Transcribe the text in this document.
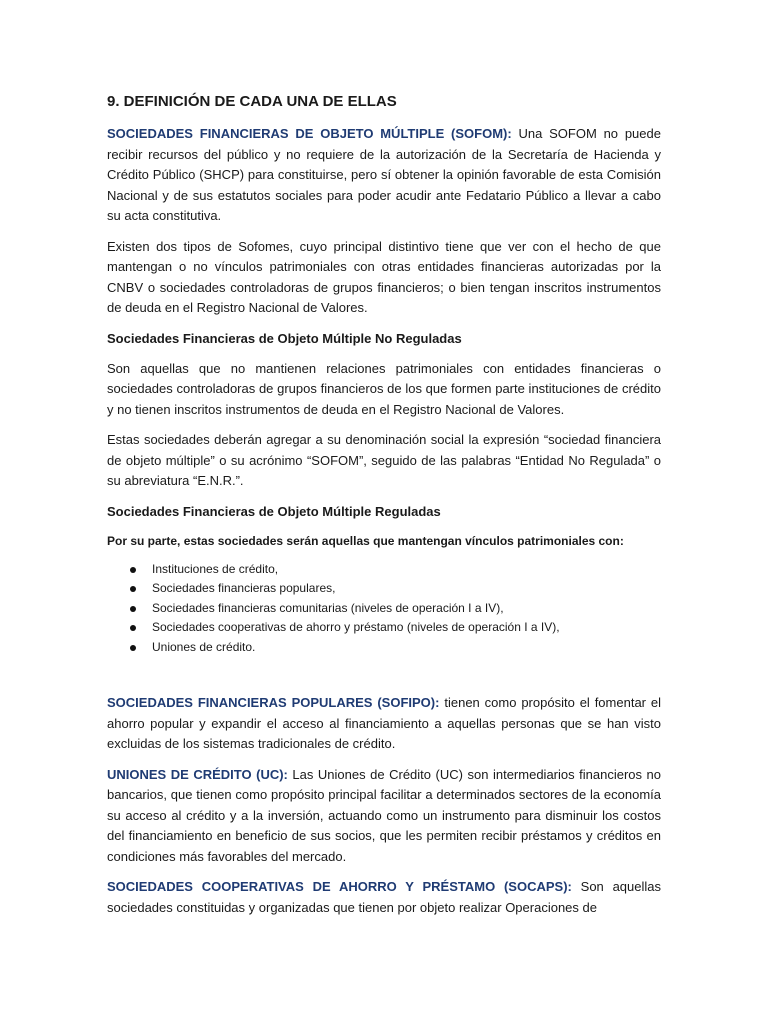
9. DEFINICIÓN DE CADA UNA DE ELLAS

SOCIEDADES FINANCIERAS DE OBJETO MÚLTIPLE (SOFOM): Una SOFOM no puede recibir recursos del público y no requiere de la autorización de la Secretaría de Hacienda y Crédito Público (SHCP) para constituirse, pero sí obtener la opinión favorable de esta Comisión Nacional y de sus estatutos sociales para poder acudir ante Fedatario Público a llevar a cabo su acta constitutiva.

Existen dos tipos de Sofomes, cuyo principal distintivo tiene que ver con el hecho de que mantengan o no vínculos patrimoniales con otras entidades financieras autorizadas por la CNBV o sociedades controladoras de grupos financieros; o bien tengan inscritos instrumentos de deuda en el Registro Nacional de Valores.

Sociedades Financieras de Objeto Múltiple No Reguladas

Son aquellas que no mantienen relaciones patrimoniales con entidades financieras o sociedades controladoras de grupos financieros de los que formen parte instituciones de crédito y no tienen inscritos instrumentos de deuda en el Registro Nacional de Valores.

Estas sociedades deberán agregar a su denominación social la expresión “sociedad financiera de objeto múltiple” o su acrónimo “SOFOM”, seguido de las palabras “Entidad No Regulada” o su abreviatura “E.N.R.”.

Sociedades Financieras de Objeto Múltiple Reguladas
Por su parte, estas sociedades serán aquellas que mantengan vínculos patrimoniales con:
Instituciones de crédito,
Sociedades financieras populares,
Sociedades financieras comunitarias (niveles de operación I a IV),
Sociedades cooperativas de ahorro y préstamo (niveles de operación I a IV),
Uniones de crédito.

SOCIEDADES FINANCIERAS POPULARES (SOFIPO): tienen como propósito el fomentar el ahorro popular y expandir el acceso al financiamiento a aquellas personas que se han visto excluidas de los sistemas tradicionales de crédito.

UNIONES DE CRÉDITO (UC): Las Uniones de Crédito (UC) son intermediarios financieros no bancarios, que tienen como propósito principal facilitar a determinados sectores de la economía su acceso al crédito y a la inversión, actuando como un instrumento para disminuir los costos del financiamiento en beneficio de sus socios, que les permiten recibir préstamos y créditos en condiciones más favorables del mercado.

SOCIEDADES COOPERATIVAS DE AHORRO Y PRÉSTAMO (SOCAPS): Son aquellas sociedades constituidas y organizadas que tienen por objeto realizar Operaciones de
